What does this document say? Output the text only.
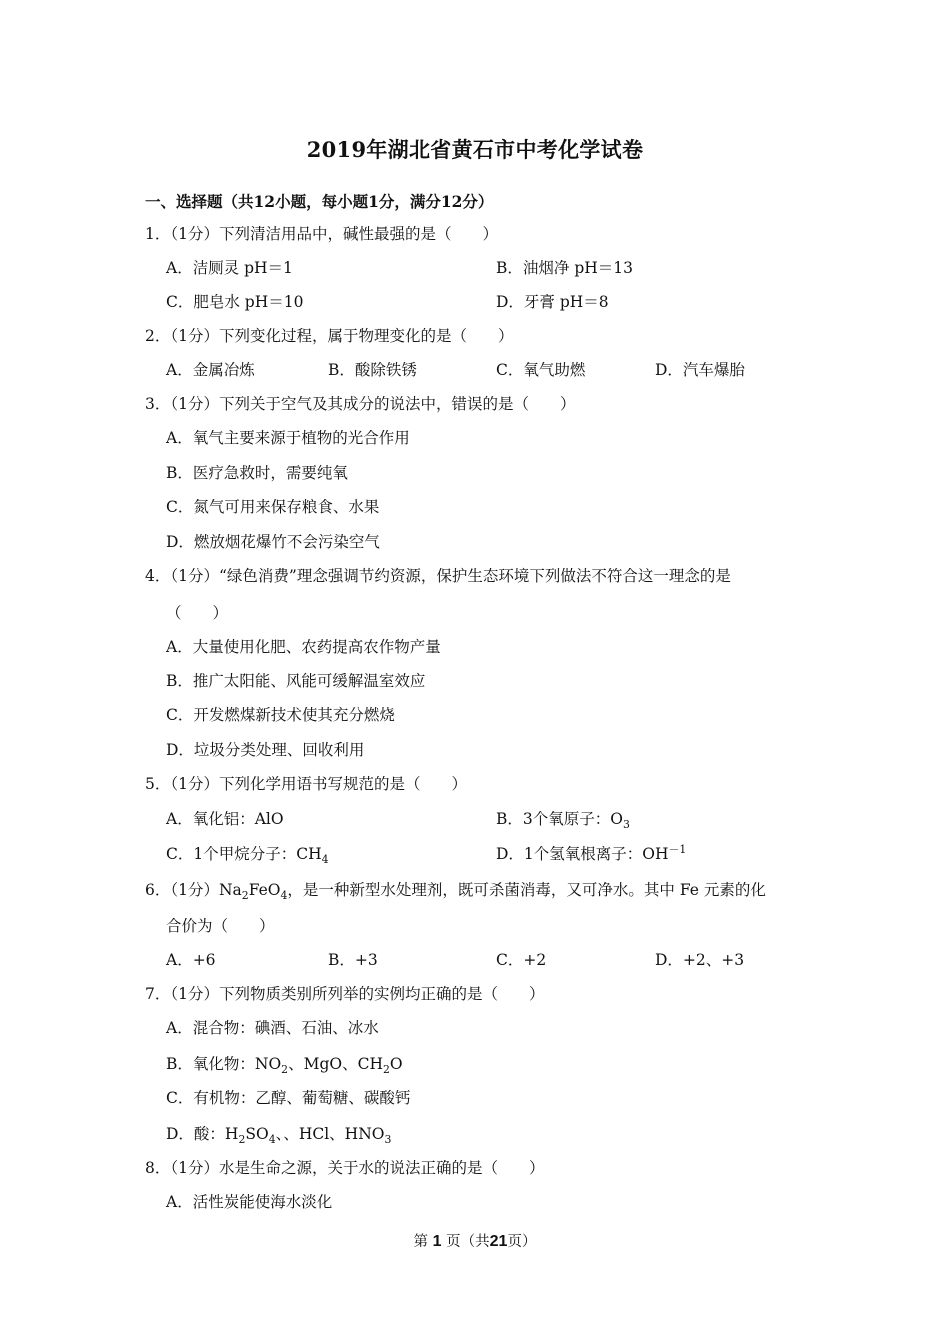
2019年湖北省黄石市中考化学试卷
一、选择题（共12小题，每小题1分，满分12分）
1．（1分）下列清洁用品中，碱性最强的是（　　）
A．洁厕灵 pH＝1	B．油烟净 pH＝13
C．肥皂水 pH＝10	D．牙膏 pH＝8
2．（1分）下列变化过程，属于物理变化的是（　　）
A．金属冶炼	B．酸除铁锈	C．氧气助燃	D．汽车爆胎
3．（1分）下列关于空气及其成分的说法中，错误的是（　　）
A．氧气主要来源于植物的光合作用
B．医疗急救时，需要纯氧
C．氮气可用来保存粮食、水果
D．燃放烟花爆竹不会污染空气
4．（1分）“绿色消费”理念强调节约资源，保护生态环境下列做法不符合这一理念的是
（　　）
A．大量使用化肥、农药提高农作物产量
B．推广太阳能、风能可缓解温室效应
C．开发燃煤新技术使其充分燃烧
D．垃圾分类处理、回收利用
5．（1分）下列化学用语书写规范的是（　　）
A．氧化铝：AlO	B．3个氧原子：$O_3$
C．1个甲烷分子：$CH_4$	D．1个氢氧根离子：$OH^{-1}$
6．（1分）$Na_2FeO_4$，是一种新型水处理剂，既可杀菌消毒，又可净水。其中 Fe 元素的化
合价为（　　）
A．+6	B．+3	C．+2	D．+2、+3
7．（1分）下列物质类别所列举的实例均正确的是（　　）
A．混合物：碘酒、石油、冰水
B．氧化物：$NO_2$、MgO、$CH_2O$
C．有机物：乙醇、葡萄糖、碳酸钙
D．酸：$H_2SO_4$、、HCl、$HNO_3$
8．（1分）水是生命之源，关于水的说法正确的是（　　）
A．活性炭能使海水淡化
第 1 页（共21页）
